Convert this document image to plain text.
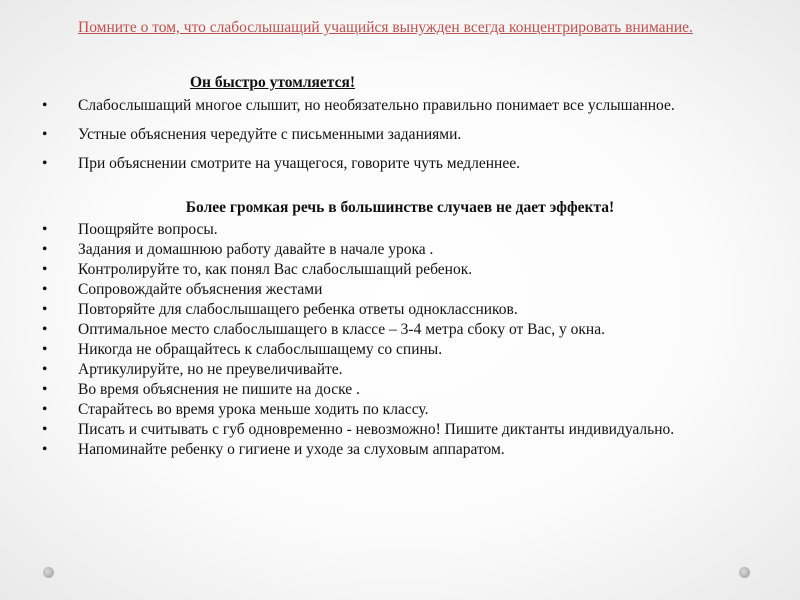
Помните о том, что слабослышащий учащийся вынужден всегда концентрировать внимание.
Он быстро утомляется!
•	Слабослышащий многое слышит, но необязательно правильно понимает все услышанное.
•	Устные объяснения чередуйте с письменными заданиями.
•	При объяснении смотрите на учащегося, говорите чуть медленнее.
Более громкая речь в большинстве случаев не дает эффекта!
•	Поощряйте вопросы.
•	Задания и домашнюю работу давайте в начале урока .
•	Контролируйте то, как понял Вас слабослышащий ребенок.
•	Сопровождайте объяснения жестами
•	Повторяйте для слабослышащего ребенка ответы одноклассников.
•	Оптимальное место слабослышащего в классе – 3-4 метра сбоку от Вас, у окна.
•	Никогда не обращайтесь к слабослышащему со спины.
•	Артикулируйте, но не преувеличивайте.
•	Во время объяснения не пишите на доске .
•	Старайтесь во время урока меньше ходить по классу.
•	Писать и считывать с губ одновременно - невозможно! Пишите диктанты индивидуально.
•	Напоминайте ребенку о гигиене и уходе за слуховым аппаратом.
